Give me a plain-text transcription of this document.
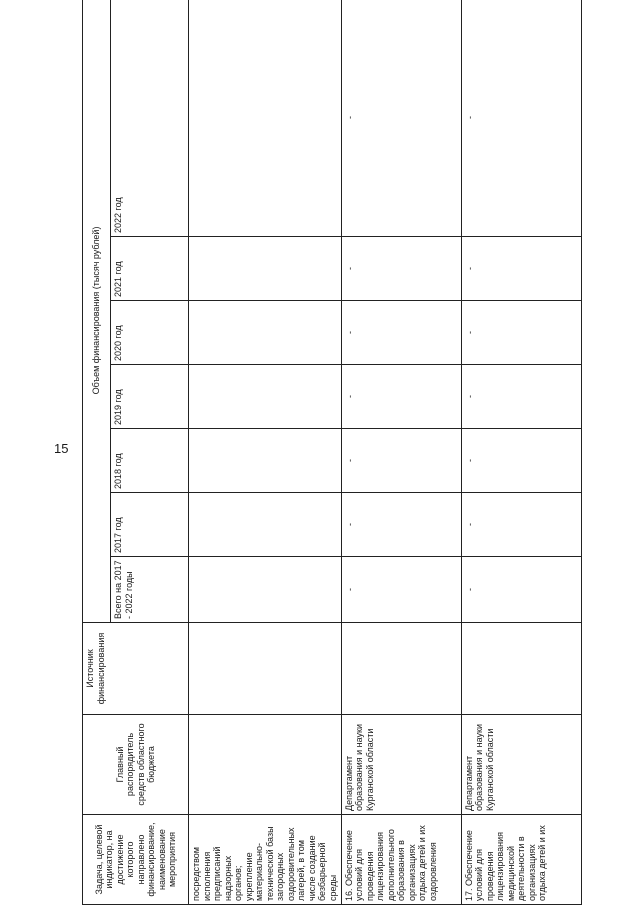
15
Задача, целевой индикатор, на достижение которого направлено финансирование, наименование мероприятия	Главный распорядитель средств областного бюджета	Источник финансирования	Объем финансирования (тысяч рублей)						
			Всего на 2017 - 2022 годы	2017 год	2018 год	2019 год	2020 год	2021 год	2022 год
посредством исполнения предписаний надзорных органов; укрепление материально-технической базы загородных оздоровительных лагерей, в том числе создание безбарьерной среды									
16. Обеспечение условий для проведения лицензирования дополнительного образования в организациях отдыха детей и их оздоровления	Департамент образования и науки Курганской области		-	-	-	-	-	-	-
17. Обеспечение условий для проведения лицензирования медицинской деятельности в организациях отдыха детей и их	Департамент образования и науки Курганской области		-	-	-	-	-	-	-
